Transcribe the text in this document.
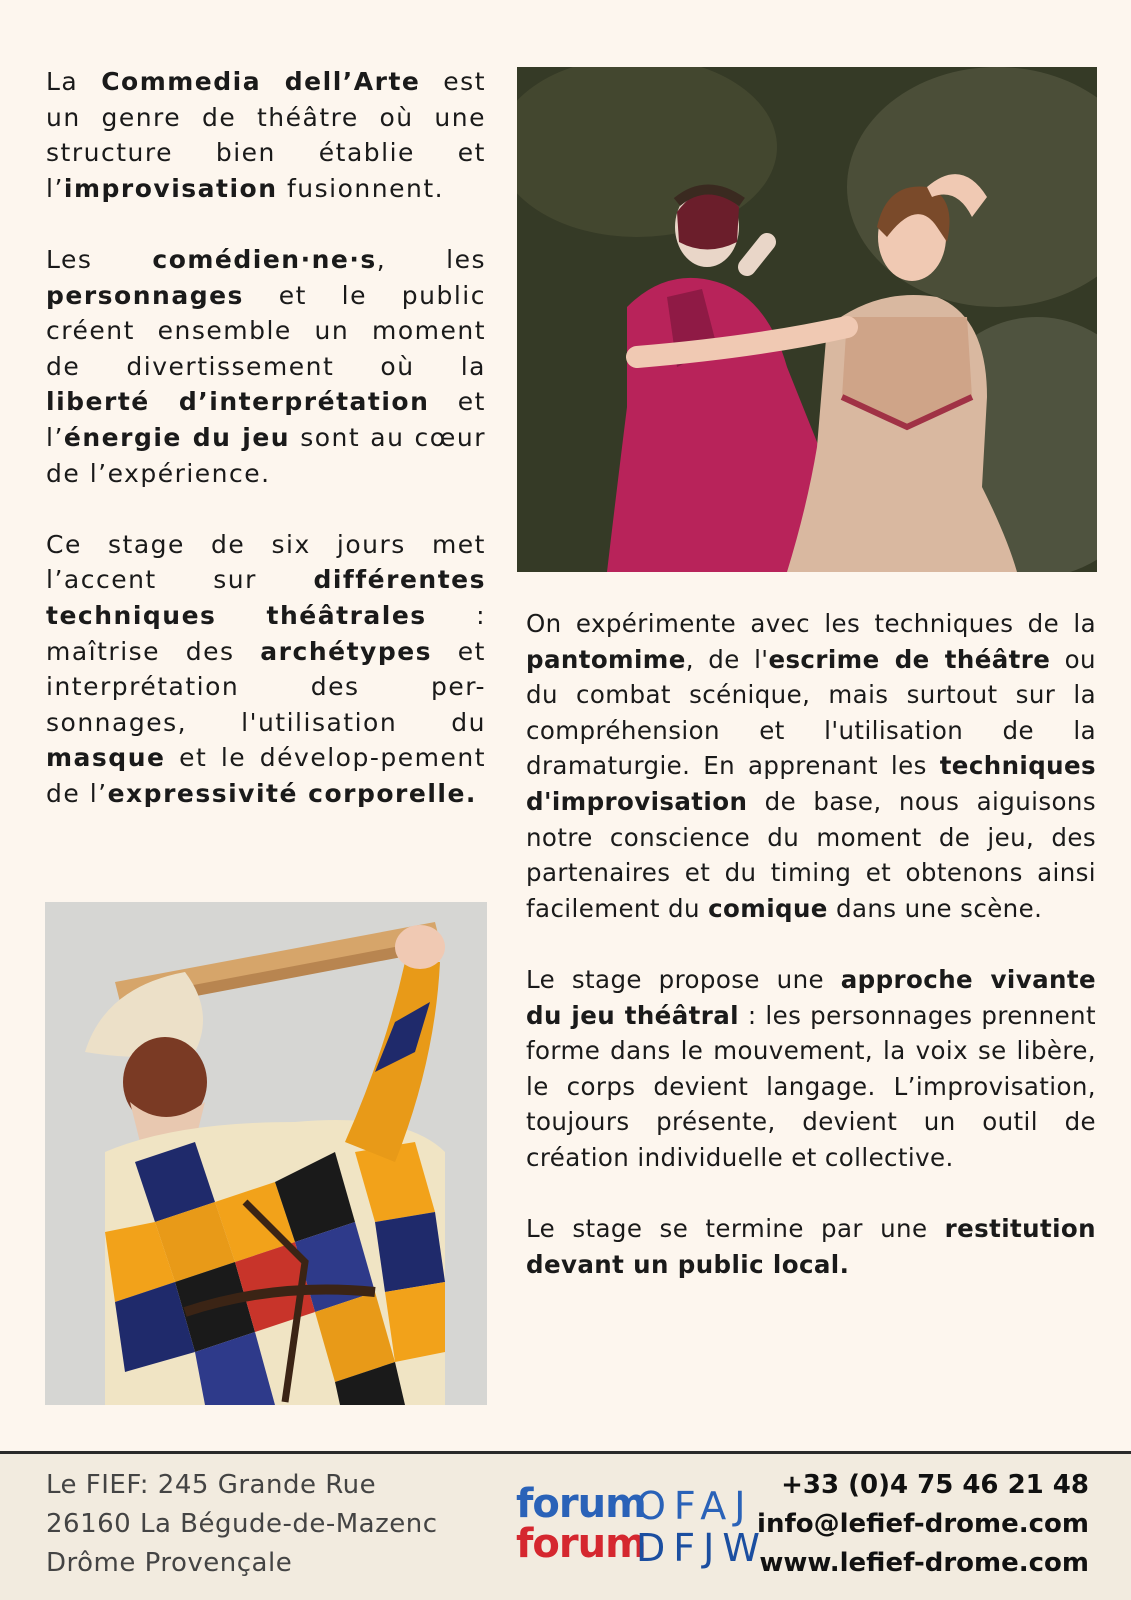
La Commedia dell’Arte est un genre de théâtre où une structure bien établie et l’improvisation fusionnent.

Les comédien·ne·s, les personnages et le public créent ensemble un moment de divertissement où la liberté d’interprétation et l’énergie du jeu sont au cœur de l’expérience.

Ce stage de six jours met l’accent sur différentes techniques théâtrales : maîtrise des archétypes et interprétation des per-sonnages, l'utilisation du masque et le dévelop-pement de l’expressivité corporelle.

On expérimente avec les techniques de la pantomime, de l'escrime de théâtre ou du combat scénique, mais surtout sur la compréhension et l'utilisation de la dramaturgie. En apprenant les techniques d'improvisation de base, nous aiguisons notre conscience du moment de jeu, des partenaires et du timing et obtenons ainsi facilement du comique dans une scène.

Le stage propose une approche vivante du jeu théâtral : les personnages prennent forme dans le mouvement, la voix se libère, le corps devient langage. L’improvisation, toujours présente, devient un outil de création individuelle et collective.

Le stage se termine par une restitution devant un public local.

Le FIEF: 245 Grande Rue
26160 La Bégude-de-Mazenc
Drôme Provençale
forum
forum
OFAJ
DFJW
+33 (0)4 75 46 21 48
info@lefief-drome.com
www.lefief-drome.com
